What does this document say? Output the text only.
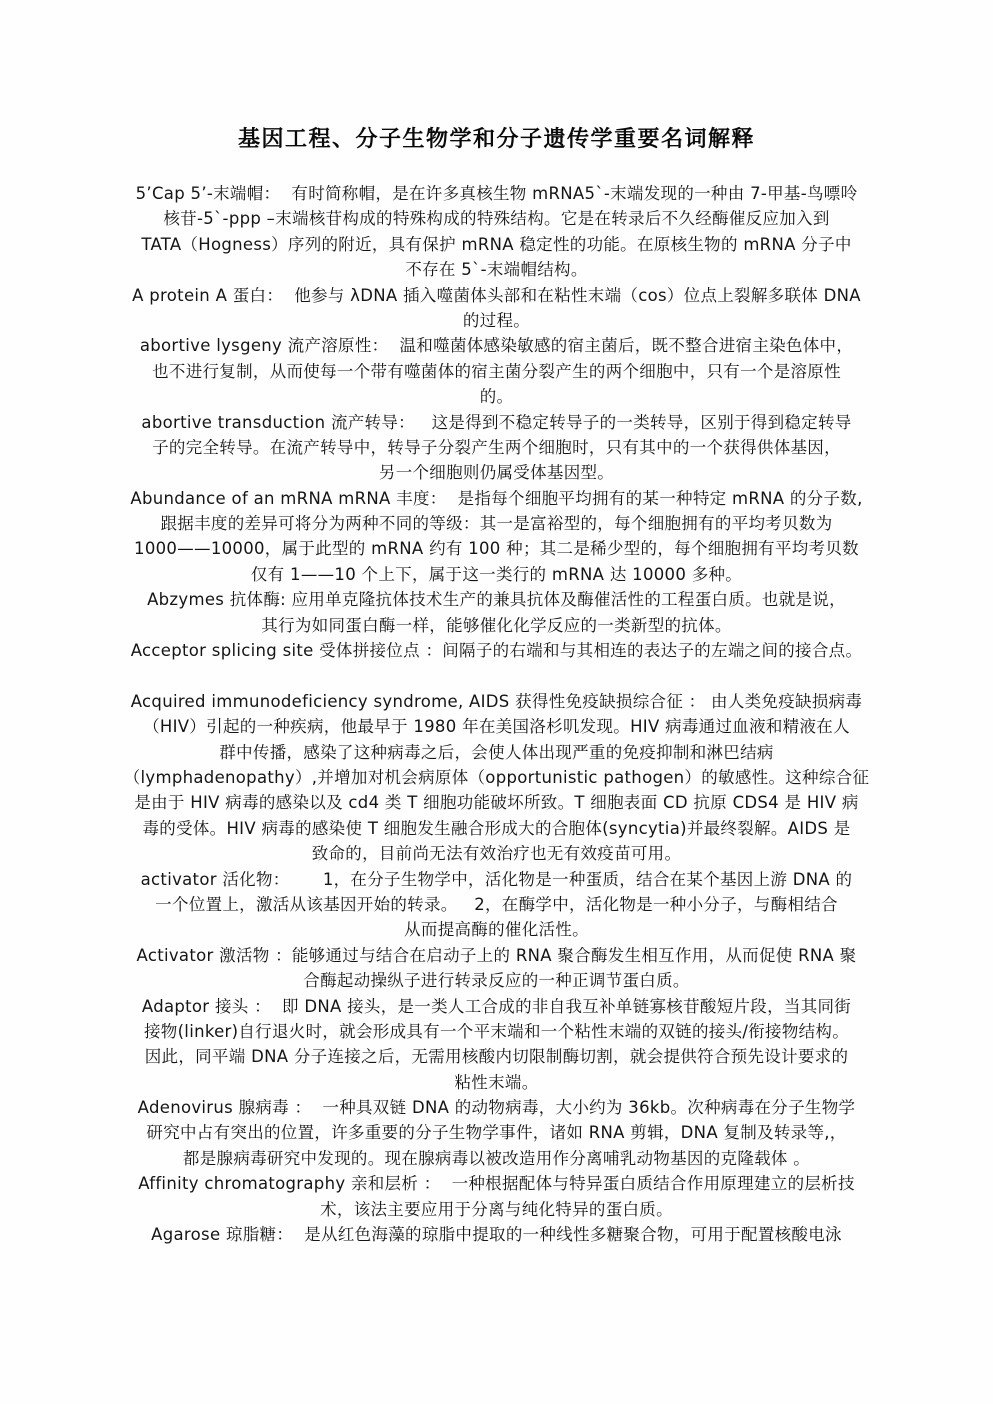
基因工程、分子生物学和分子遗传学重要名词解释
5’Cap 5’-末端帽：  有时简称帽，是在许多真核生物 mRNA5`-末端发现的一种由 7-甲基-鸟嘌呤
核苷-5`-ppp –末端核苷构成的特殊构成的特殊结构。它是在转录后不久经酶催反应加入到
TATA（Hogness）序列的附近，具有保护 mRNA 稳定性的功能。在原核生物的 mRNA 分子中
不存在 5`-末端帽结构。
A protein A 蛋白：  他参与 λDNA 插入噬菌体头部和在粘性末端（cos）位点上裂解多联体 DNA
的过程。
abortive lysgeny 流产溶原性：  温和噬菌体感染敏感的宿主菌后，既不整合进宿主染色体中，
也不进行复制，从而使每一个带有噬菌体的宿主菌分裂产生的两个细胞中，只有一个是溶原性
的。
abortive transduction 流产转导：   这是得到不稳定转导子的一类转导，区别于得到稳定转导
子的完全转导。在流产转导中，转导子分裂产生两个细胞时，只有其中的一个获得供体基因，
另一个细胞则仍属受体基因型。
Abundance of an mRNA mRNA 丰度：  是指每个细胞平均拥有的某一种特定 mRNA 的分子数,
跟据丰度的差异可将分为两种不同的等级：其一是富裕型的，每个细胞拥有的平均考贝数为
1000——10000，属于此型的 mRNA 约有 100 种；其二是稀少型的，每个细胞拥有平均考贝数
仅有 1——10 个上下，属于这一类行的 mRNA 达 10000 多种。
Abzymes 抗体酶: 应用单克隆抗体技术生产的兼具抗体及酶催活性的工程蛋白质。也就是说，
其行为如同蛋白酶一样，能够催化化学反应的一类新型的抗体。
Acceptor splicing site 受体拼接位点 ：间隔子的右端和与其相连的表达子的左端之间的接合点。

Acquired immunodeficiency syndrome, AIDS 获得性免疫缺损综合征 ： 由人类免疫缺损病毒
（HIV）引起的一种疾病，他最早于 1980 年在美国洛杉叽发现。HIV 病毒通过血液和精液在人
群中传播，感染了这种病毒之后，会使人体出现严重的免疫抑制和淋巴结病
（lymphadenopathy）,并增加对机会病原体（opportunistic pathogen）的敏感性。这种综合征
是由于 HIV 病毒的感染以及 cd4 类 T 细胞功能破坏所致。T 细胞表面 CD 抗原 CDS4 是 HIV 病
毒的受体。HIV 病毒的感染使 T 细胞发生融合形成大的合胞体(syncytia)并最终裂解。AIDS 是
致命的，目前尚无法有效治疗也无有效疫苗可用。
activator 活化物：      1，在分子生物学中，活化物是一种蛋质，结合在某个基因上游 DNA 的
一个位置上，激活从该基因开始的转录。   2，在酶学中，活化物是一种小分子，与酶相结合
从而提高酶的催化活性。
Activator 激活物 ：能够通过与结合在启动子上的 RNA 聚合酶发生相互作用，从而促使 RNA 聚
合酶起动操纵子进行转录反应的一种正调节蛋白质。
Adaptor 接头 ：  即 DNA 接头，是一类人工合成的非自我互补单链寡核苷酸短片段，当其同街
接物(linker)自行退火时，就会形成具有一个平末端和一个粘性末端的双链的接头/衔接物结构。
因此，同平端 DNA 分子连接之后，无需用核酸内切限制酶切割，就会提供符合预先设计要求的
粘性末端。
Adenovirus 腺病毒 ：  一种具双链 DNA 的动物病毒，大小约为 36kb。次种病毒在分子生物学
研究中占有突出的位置，许多重要的分子生物学事件，诸如 RNA 剪辑，DNA 复制及转录等,，
都是腺病毒研究中发现的。现在腺病毒以被改造用作分离哺乳动物基因的克隆载体 。
Affinity chromatography 亲和层析 ：  一种根据配体与特异蛋白质结合作用原理建立的层析技
术，该法主要应用于分离与纯化特异的蛋白质。
Agarose 琼脂糖：  是从红色海藻的琼脂中提取的一种线性多糖聚合物，可用于配置核酸电泳
